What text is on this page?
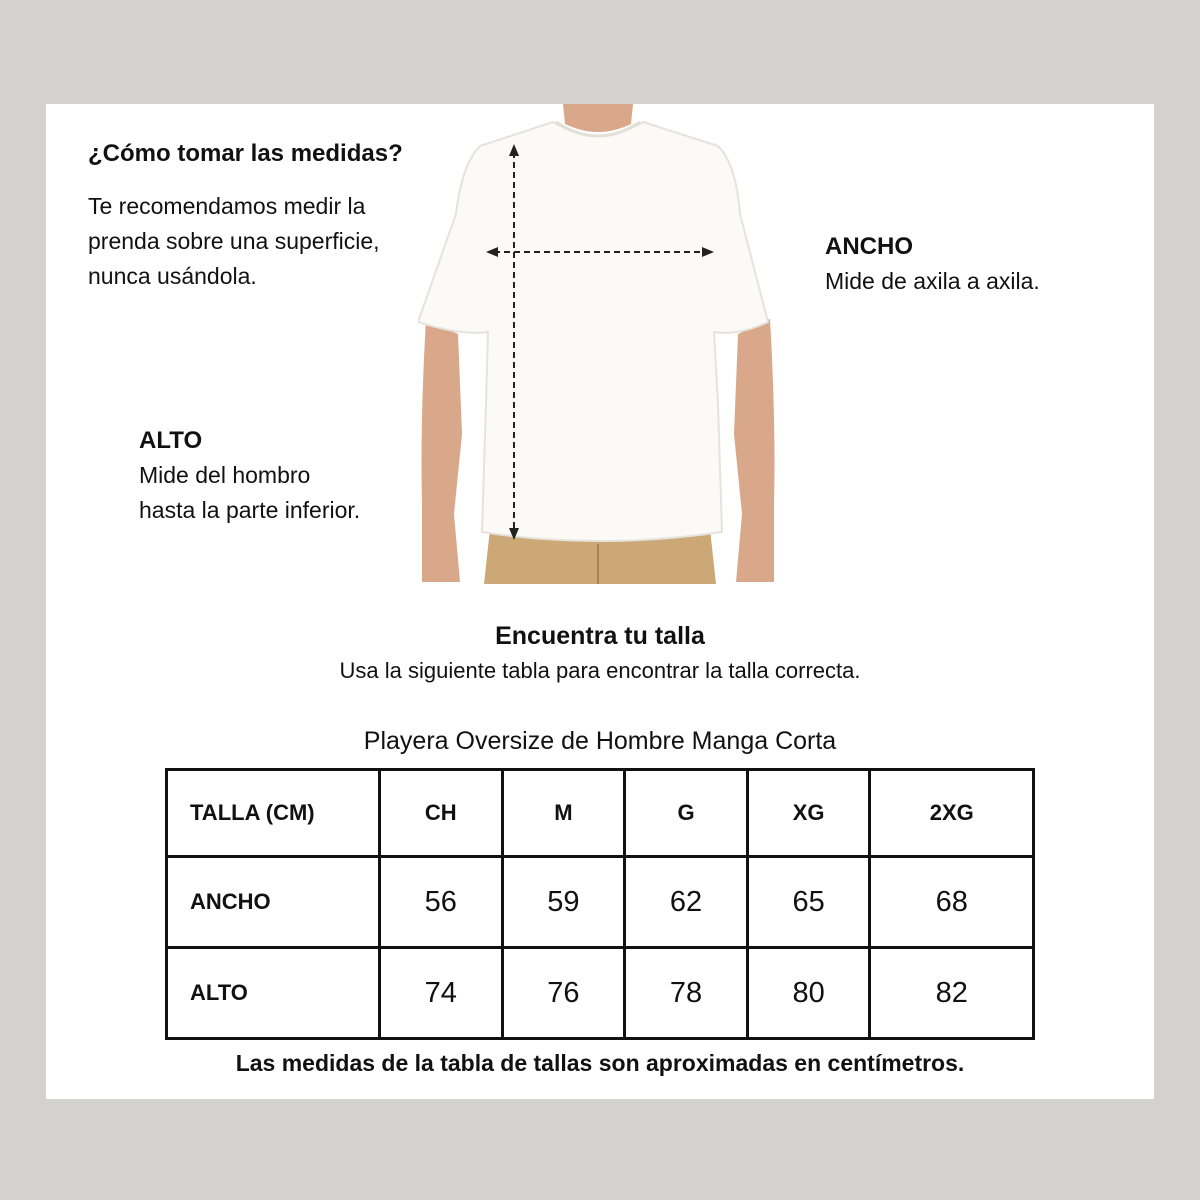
¿Cómo tomar las medidas?
Te recomendamos medir la
prenda sobre una superficie,
nunca usándola.
ANCHO
Mide de axila a axila.
ALTO
Mide del hombro
hasta la parte inferior.
Encuentra tu talla
Usa la siguiente tabla para encontrar la talla correcta.
Playera Oversize de Hombre Manga Corta
TALLA (CM)	CH	M	G	XG	2XG
ANCHO	56	59	62	65	68
ALTO	74	76	78	80	82
Las medidas de la tabla de tallas son aproximadas en centímetros.
